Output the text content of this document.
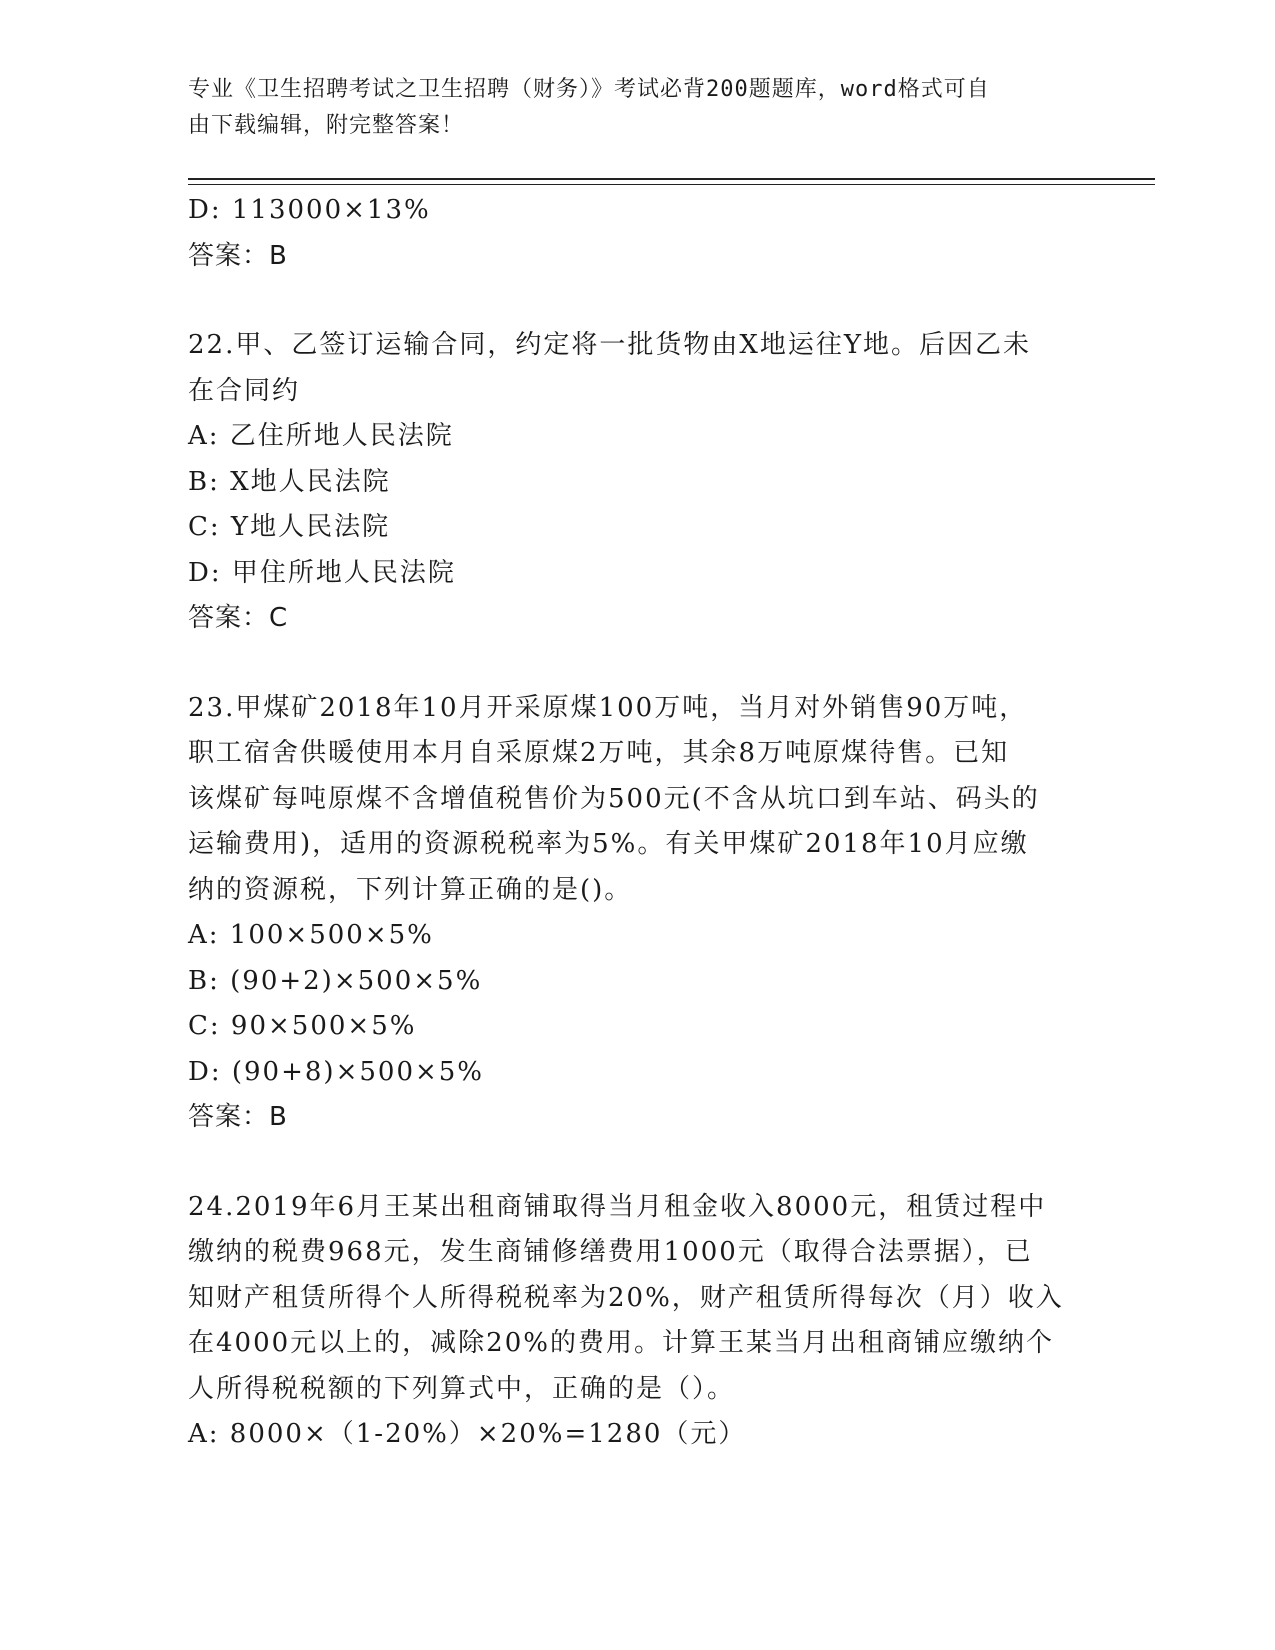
专业《卫生招聘考试之卫生招聘（财务）》考试必背200题题库，word格式可自
由下载编辑，附完整答案！
D: 113000×13%
答案：B
22.甲、乙签订运输合同，约定将一批货物由X地运往Y地。后因乙未
在合同约
A: 乙住所地人民法院
B: X地人民法院
C: Y地人民法院
D: 甲住所地人民法院
答案：C
23.甲煤矿2018年10月开采原煤100万吨，当月对外销售90万吨，
职工宿舍供暖使用本月自采原煤2万吨，其余8万吨原煤待售。已知
该煤矿每吨原煤不含增值税售价为500元(不含从坑口到车站、码头的
运输费用)，适用的资源税税率为5%。有关甲煤矿2018年10月应缴
纳的资源税，下列计算正确的是()。
A: 100×500×5%
B: (90+2)×500×5%
C: 90×500×5%
D: (90+8)×500×5%
答案：B
24.2019年6月王某出租商铺取得当月租金收入8000元，租赁过程中
缴纳的税费968元，发生商铺修缮费用1000元（取得合法票据），已
知财产租赁所得个人所得税税率为20%，财产租赁所得每次（月）收入
在4000元以上的，减除20%的费用。计算王某当月出租商铺应缴纳个
人所得税税额的下列算式中，正确的是（）。
A: 8000×（1-20%）×20%=1280（元）
